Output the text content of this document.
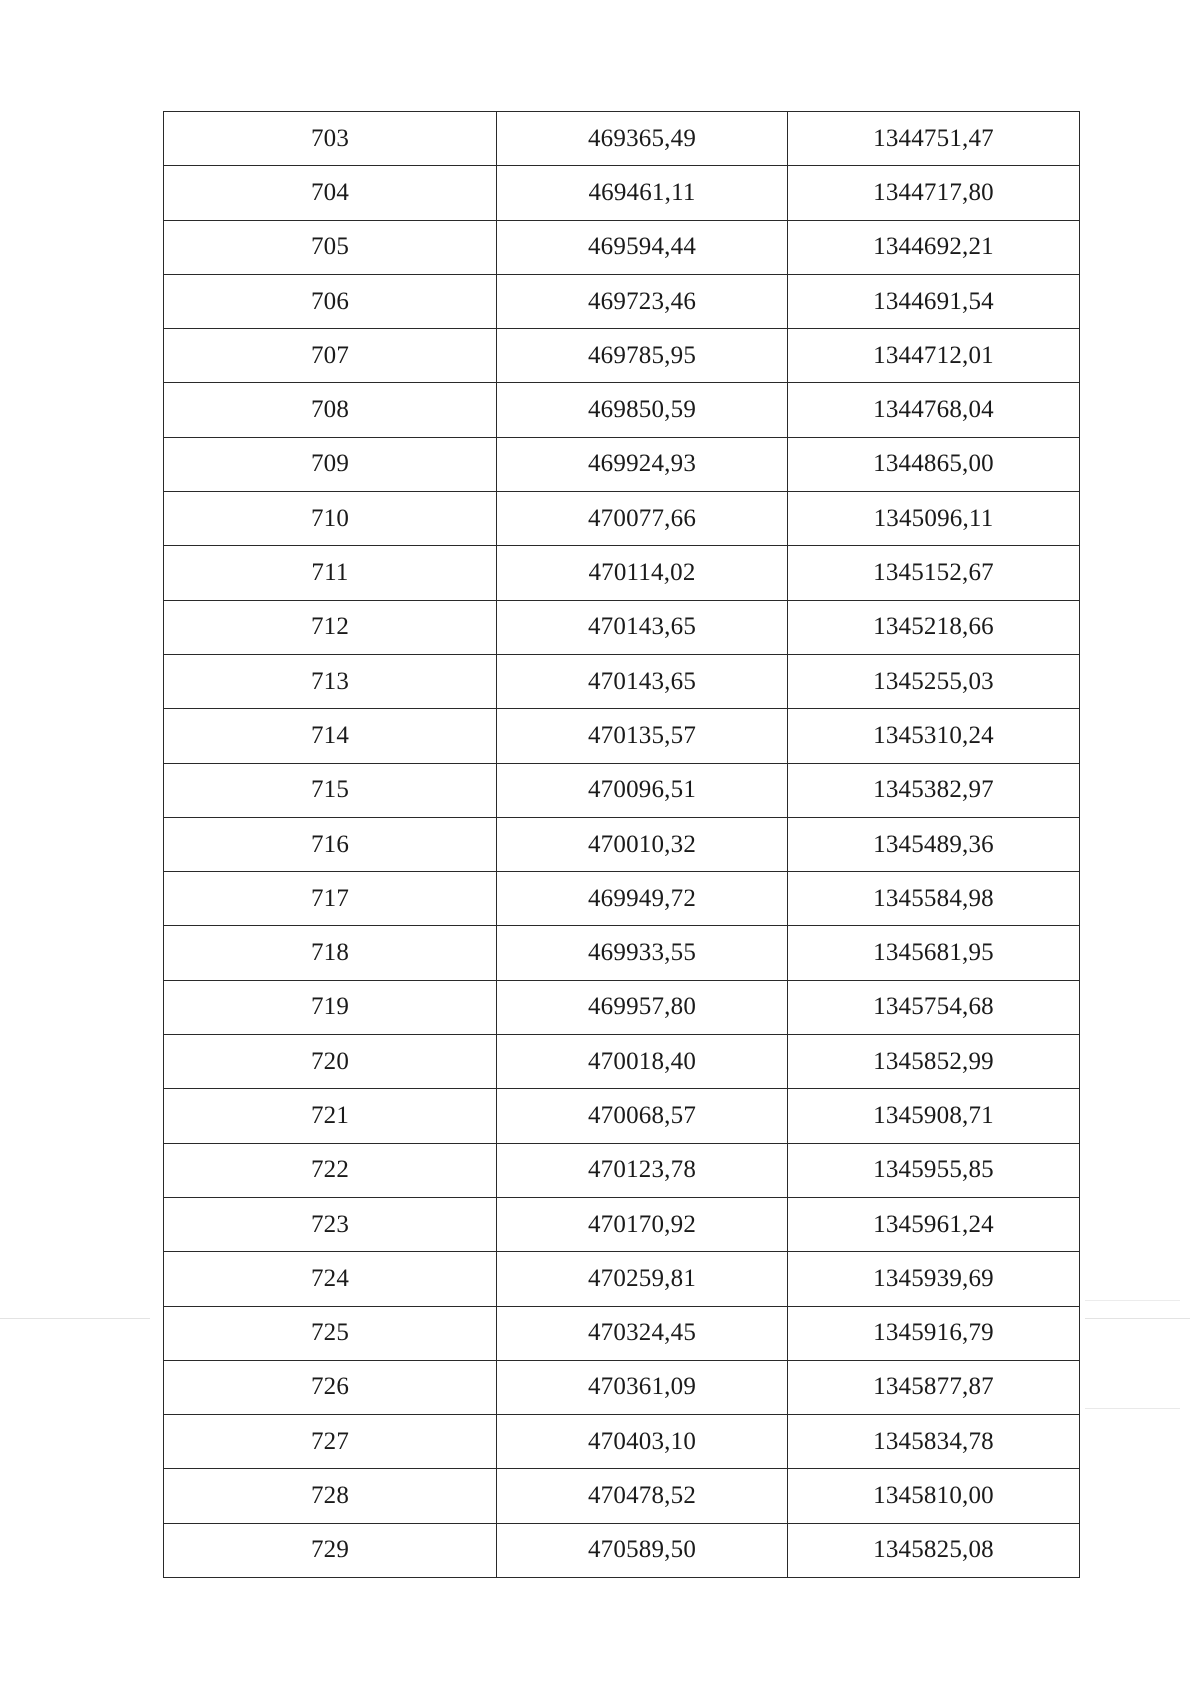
703	469365,49	1344751,47
704	469461,11	1344717,80
705	469594,44	1344692,21
706	469723,46	1344691,54
707	469785,95	1344712,01
708	469850,59	1344768,04
709	469924,93	1344865,00
710	470077,66	1345096,11
711	470114,02	1345152,67
712	470143,65	1345218,66
713	470143,65	1345255,03
714	470135,57	1345310,24
715	470096,51	1345382,97
716	470010,32	1345489,36
717	469949,72	1345584,98
718	469933,55	1345681,95
719	469957,80	1345754,68
720	470018,40	1345852,99
721	470068,57	1345908,71
722	470123,78	1345955,85
723	470170,92	1345961,24
724	470259,81	1345939,69
725	470324,45	1345916,79
726	470361,09	1345877,87
727	470403,10	1345834,78
728	470478,52	1345810,00
729	470589,50	1345825,08
